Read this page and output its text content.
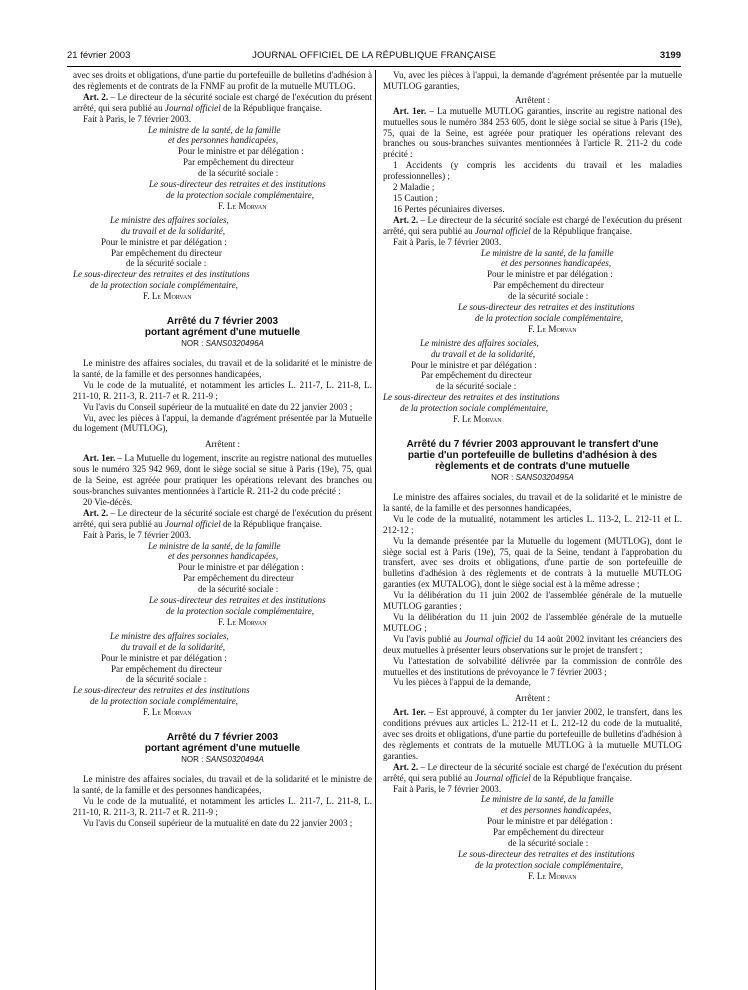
21 février 2003	JOURNAL OFFICIEL DE LA RÉPUBLIQUE FRANÇAISE	3199

avec ses droits et obligations, d'une partie du portefeuille de bulletins d'adhésion à des règlements et de contrats de la FNMF au profit de la mutuelle MUTLOG.

Art. 2. – Le directeur de la sécurité sociale est chargé de l'exécution du présent arrêté, qui sera publié au Journal officiel de la République française.

Fait à Paris, le 7 février 2003.

Le ministre de la santé, de la famille

et des personnes handicapées,

Pour le ministre et par délégation :

Par empêchement du directeur

de la sécurité sociale :

Le sous-directeur des retraites et des institutions

de la protection sociale complémentaire,

F. Le Morvan

Le ministre des affaires sociales,

du travail et de la solidarité,

Pour le ministre et par délégation :

Par empêchement du directeur

de la sécurité sociale :

Le sous-directeur des retraites et des institutions

de la protection sociale complémentaire,

F. Le Morvan

Arrêté du 7 février 2003
portant agrément d'une mutuelle
NOR : SANS0320496A

Le ministre des affaires sociales, du travail et de la solidarité et le ministre de la santé, de la famille et des personnes handicapées,

Vu le code de la mutualité, et notamment les articles L. 211-7, L. 211-8, L. 211-10, R. 211-3, R. 211-7 et R. 211-9 ;

Vu l'avis du Conseil supérieur de la mutualité en date du 22 janvier 2003 ;

Vu, avec les pièces à l'appui, la demande d'agrément présentée par la Mutuelle du logement (MUTLOG),

Arrêtent :

Art. 1er. – La Mutuelle du logement, inscrite au registre national des mutuelles sous le numéro 325 942 969, dont le siège social se situe à Paris (19e), 75, quai de la Seine, est agréée pour pratiquer les opérations relevant des branches ou sous-branches suivantes mentionnées à l'article R. 211-2 du code précité :

20 Vie-décès.

Art. 2. – Le directeur de la sécurité sociale est chargé de l'exécution du présent arrêté, qui sera publié au Journal officiel de la République française.

Fait à Paris, le 7 février 2003.

Le ministre de la santé, de la famille

et des personnes handicapées,

Pour le ministre et par délégation :

Par empêchement du directeur

de la sécurité sociale :

Le sous-directeur des retraites et des institutions

de la protection sociale complémentaire,

F. Le Morvan

Le ministre des affaires sociales,

du travail et de la solidarité,

Pour le ministre et par délégation :

Par empêchement du directeur

de la sécurité sociale :

Le sous-directeur des retraites et des institutions

de la protection sociale complémentaire,

F. Le Morvan

Arrêté du 7 février 2003
portant agrément d'une mutuelle
NOR : SANS0320494A

Le ministre des affaires sociales, du travail et de la solidarité et le ministre de la santé, de la famille et des personnes handicapées,

Vu le code de la mutualité, et notamment les articles L. 211-7, L. 211-8, L. 211-10, R. 211-3, R. 211-7 et R. 211-9 ;

Vu l'avis du Conseil supérieur de la mutualité en date du 22 janvier 2003 ;

Vu, avec les pièces à l'appui, la demande d'agrément présentée par la mutuelle MUTLOG garanties,

Arrêtent :

Art. 1er. – La mutuelle MUTLOG garanties, inscrite au registre national des mutuelles sous le numéro 384 253 605, dont le siège social se situe à Paris (19e), 75, quai de la Seine, est agréée pour pratiquer les opérations relevant des branches ou sous-branches suivantes mentionnées à l'article R. 211-2 du code précité :

1 Accidents (y compris les accidents du travail et les maladies professionnelles) ;

2 Maladie ;

15 Caution ;

16 Pertes pécuniaires diverses.

Art. 2. – Le directeur de la sécurité sociale est chargé de l'exécution du présent arrêté, qui sera publié au Journal officiel de la République française.

Fait à Paris, le 7 février 2003.

Le ministre de la santé, de la famille

et des personnes handicapées,

Pour le ministre et par délégation :

Par empêchement du directeur

de la sécurité sociale :

Le sous-directeur des retraites et des institutions

de la protection sociale complémentaire,

F. Le Morvan

Le ministre des affaires sociales,

du travail et de la solidarité,

Pour le ministre et par délégation :

Par empêchement du directeur

de la sécurité sociale :

Le sous-directeur des retraites et des institutions

de la protection sociale complémentaire,

F. Le Morvan

Arrêté du 7 février 2003 approuvant le transfert d'une
partie d'un portefeuille de bulletins d'adhésion à des
règlements et de contrats d'une mutuelle
NOR : SANS0320495A

Le ministre des affaires sociales, du travail et de la solidarité et le ministre de la santé, de la famille et des personnes handicapées,

Vu le code de la mutualité, notamment les articles L. 113-2, L. 212-11 et L. 212-12 ;

Vu la demande présentée par la Mutuelle du logement (MUTLOG), dont le siège social est à Paris (19e), 75, quai de la Seine, tendant à l'approbation du transfert, avec ses droits et obligations, d'une partie de son portefeuille de bulletins d'adhésion à des règlements et de contrats à la mutuelle MUTLOG garanties (ex MUTALOG), dont le siège social est à la même adresse ;

Vu la délibération du 11 juin 2002 de l'assemblée générale de la mutuelle MUTLOG garanties ;

Vu la délibération du 11 juin 2002 de l'assemblée générale de la mutuelle MUTLOG ;

Vu l'avis publié au Journal officiel du 14 août 2002 invitant les créanciers des deux mutuelles à présenter leurs observations sur le projet de transfert ;

Vu l'attestation de solvabilité délivrée par la commission de contrôle des mutuelles et des institutions de prévoyance le 7 février 2003 ;

Vu les pièces à l'appui de la demande,

Arrêtent :

Art. 1er. – Est approuvé, à compter du 1er janvier 2002, le transfert, dans les conditions prévues aux articles L. 212-11 et L. 212-12 du code de la mutualité, avec ses droits et obligations, d'une partie du portefeuille de bulletins d'adhésion à des règlements et contrats de la mutuelle MUTLOG à la mutuelle MUTLOG garanties.

Art. 2. – Le directeur de la sécurité sociale est chargé de l'exécution du présent arrêté, qui sera publié au Journal officiel de la République française.

Fait à Paris, le 7 février 2003.

Le ministre de la santé, de la famille

et des personnes handicapées,

Pour le ministre et par délégation :

Par empêchement du directeur

de la sécurité sociale :

Le sous-directeur des retraites et des institutions

de la protection sociale complémentaire,

F. Le Morvan
